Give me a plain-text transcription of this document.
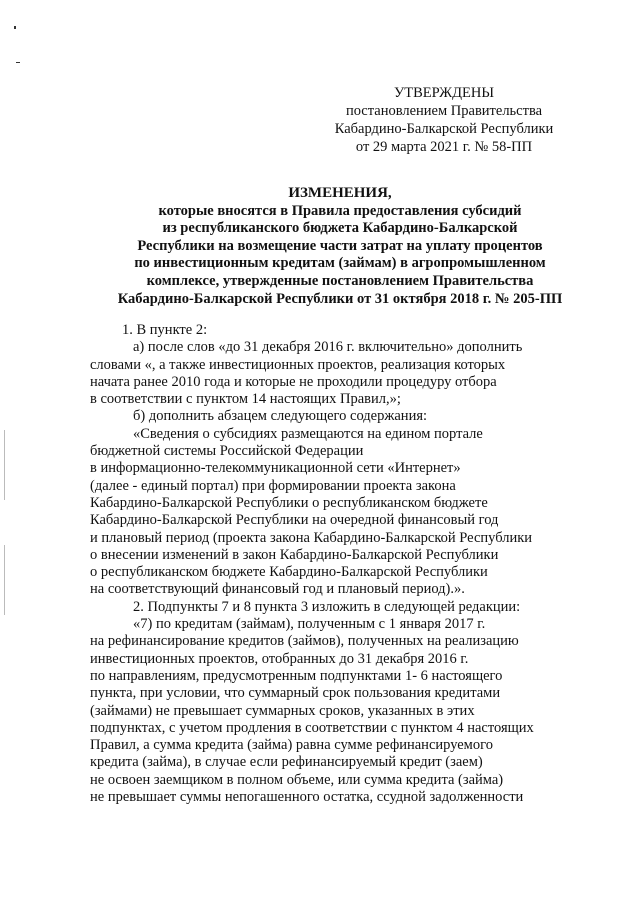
УТВЕРЖДЕНЫ
постановлением Правительства
Кабардино-Балкарской Республики
от 29 марта 2021 г. № 58-ПП
ИЗМЕНЕНИЯ,
которые вносятся в Правила предоставления субсидий
из республиканского бюджета Кабардино-Балкарской
Республики на возмещение части затрат на уплату процентов
по инвестиционным кредитам (займам) в агропромышленном
комплексе, утвержденные постановлением Правительства
Кабардино-Балкарской Республики от 31 октября 2018 г. № 205-ПП
1. В пункте 2:
а) после слов «до 31 декабря 2016 г. включительно» дополнить
словами «, а также инвестиционных проектов, реализация которых
начата ранее 2010 года и которые не проходили процедуру отбора
в соответствии с пунктом 14 настоящих Правил,»;
б) дополнить абзацем следующего содержания:
«Сведения о субсидиях размещаются на едином портале
бюджетной системы Российской Федерации
в информационно-телекоммуникационной сети «Интернет»
(далее - единый портал) при формировании проекта закона
Кабардино-Балкарской Республики о республиканском бюджете
Кабардино-Балкарской Республики на очередной финансовый год
и плановый период (проекта закона Кабардино-Балкарской Республики
о внесении изменений в закон Кабардино-Балкарской Республики
о республиканском бюджете Кабардино-Балкарской Республики
на соответствующий финансовый год и плановый период).».
2. Подпункты 7 и 8 пункта 3 изложить в следующей редакции:
«7) по кредитам (займам), полученным с 1 января 2017 г.
на рефинансирование кредитов (займов), полученных на реализацию
инвестиционных проектов, отобранных до 31 декабря 2016 г.
по направлениям, предусмотренным подпунктами 1- 6 настоящего
пункта, при условии, что суммарный срок пользования кредитами
(займами) не превышает суммарных сроков, указанных в этих
подпунктах, с учетом продления в соответствии с пунктом 4 настоящих
Правил, а сумма кредита (займа) равна сумме рефинансируемого
кредита (займа), в случае если рефинансируемый кредит (заем)
не освоен заемщиком в полном объеме, или сумма кредита (займа)
не превышает суммы непогашенного остатка, ссудной задолженности
